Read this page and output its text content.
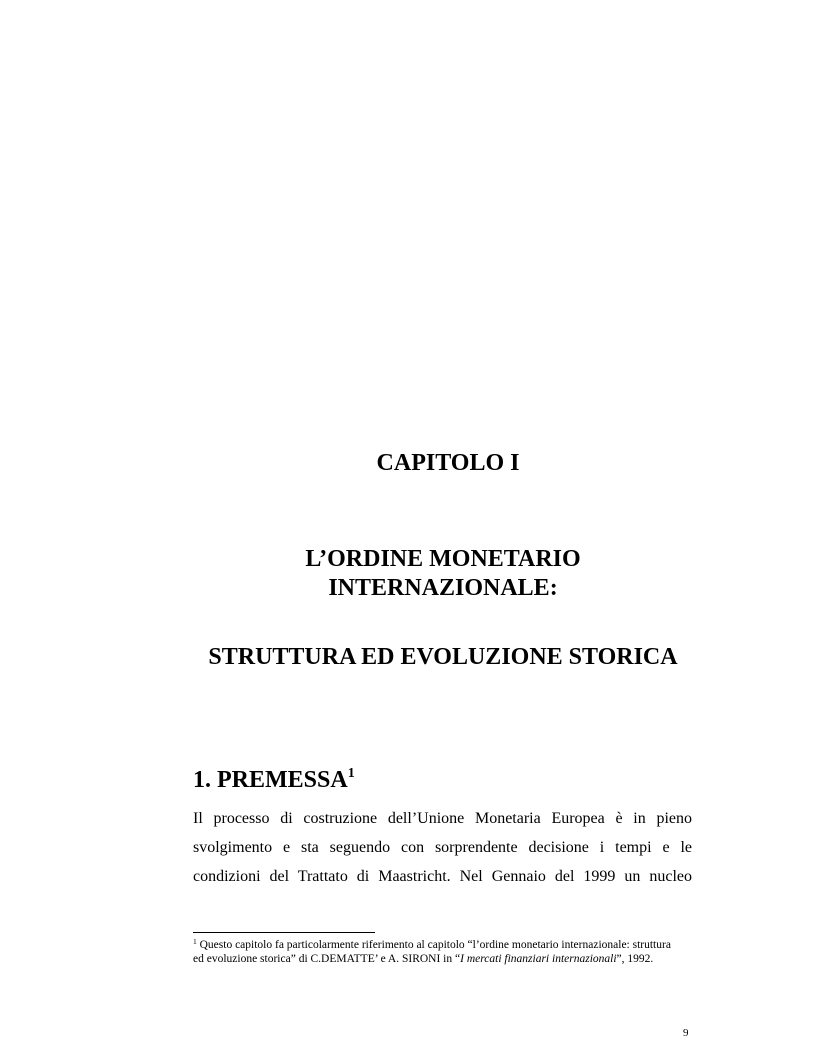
CAPITOLO I
L’ORDINE MONETARIO
INTERNAZIONALE:
STRUTTURA ED EVOLUZIONE STORICA
1. PREMESSA$^1$
Il processo di costruzione dell’Unione Monetaria Europea è in pieno
svolgimento e sta seguendo con sorprendente decisione i tempi e le
condizioni del Trattato di Maastricht. Nel Gennaio del 1999 un nucleo
$^1$ Questo capitolo fa particolarmente riferimento al capitolo “l’ordine monetario internazionale: struttura
ed evoluzione storica” di C.DEMATTE’ e A. SIRONI in “I mercati finanziari internazionali”, 1992.
9
